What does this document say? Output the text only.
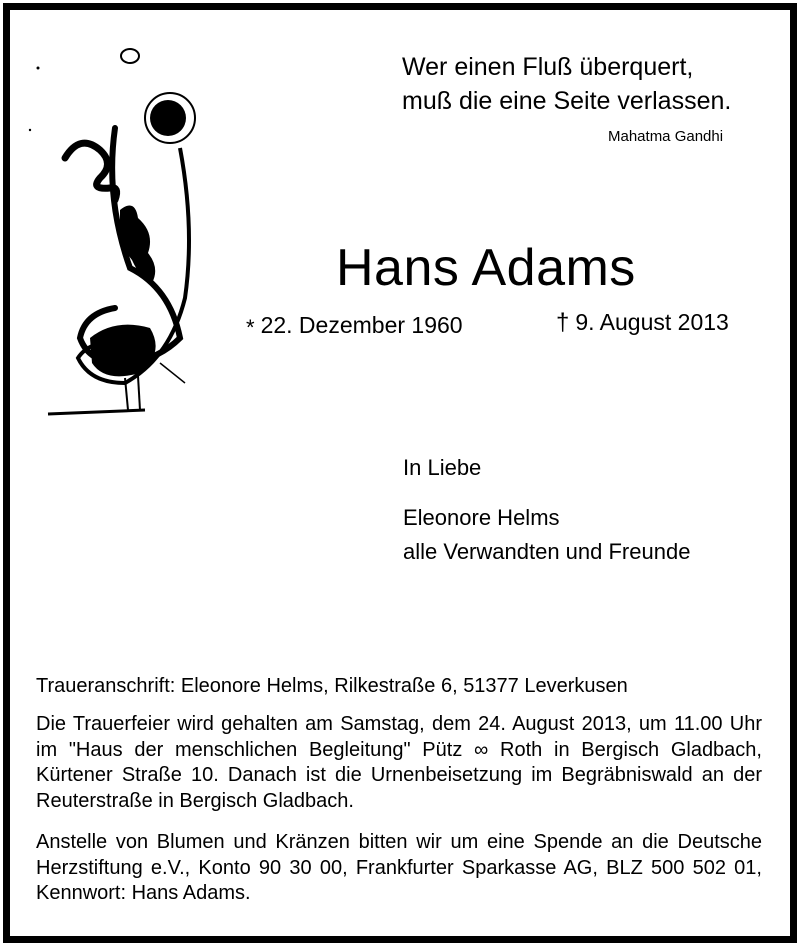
Wer einen Fluß überquert,
muß die eine Seite verlassen.
Mahatma Gandhi
Hans Adams
* 22. Dezember 1960	† 9. August 2013
In Liebe
Eleonore Helms
alle Verwandten und Freunde
Traueranschrift: Eleonore Helms, Rilkestraße 6, 51377 Leverkusen
Die Trauerfeier wird gehalten am Samstag, dem 24. August 2013, um 11.00 Uhr im "Haus der menschlichen Begleitung" Pütz ∞ Roth in Bergisch Gladbach, Kürtener Straße 10. Danach ist die Urnenbeisetzung im Begräbniswald an der Reuterstraße in Bergisch Gladbach.
Anstelle von Blumen und Kränzen bitten wir um eine Spende an die Deutsche Herzstiftung e.V., Konto 90 30 00, Frankfurter Sparkasse AG, BLZ 500 502 01, Kennwort: Hans Adams.
